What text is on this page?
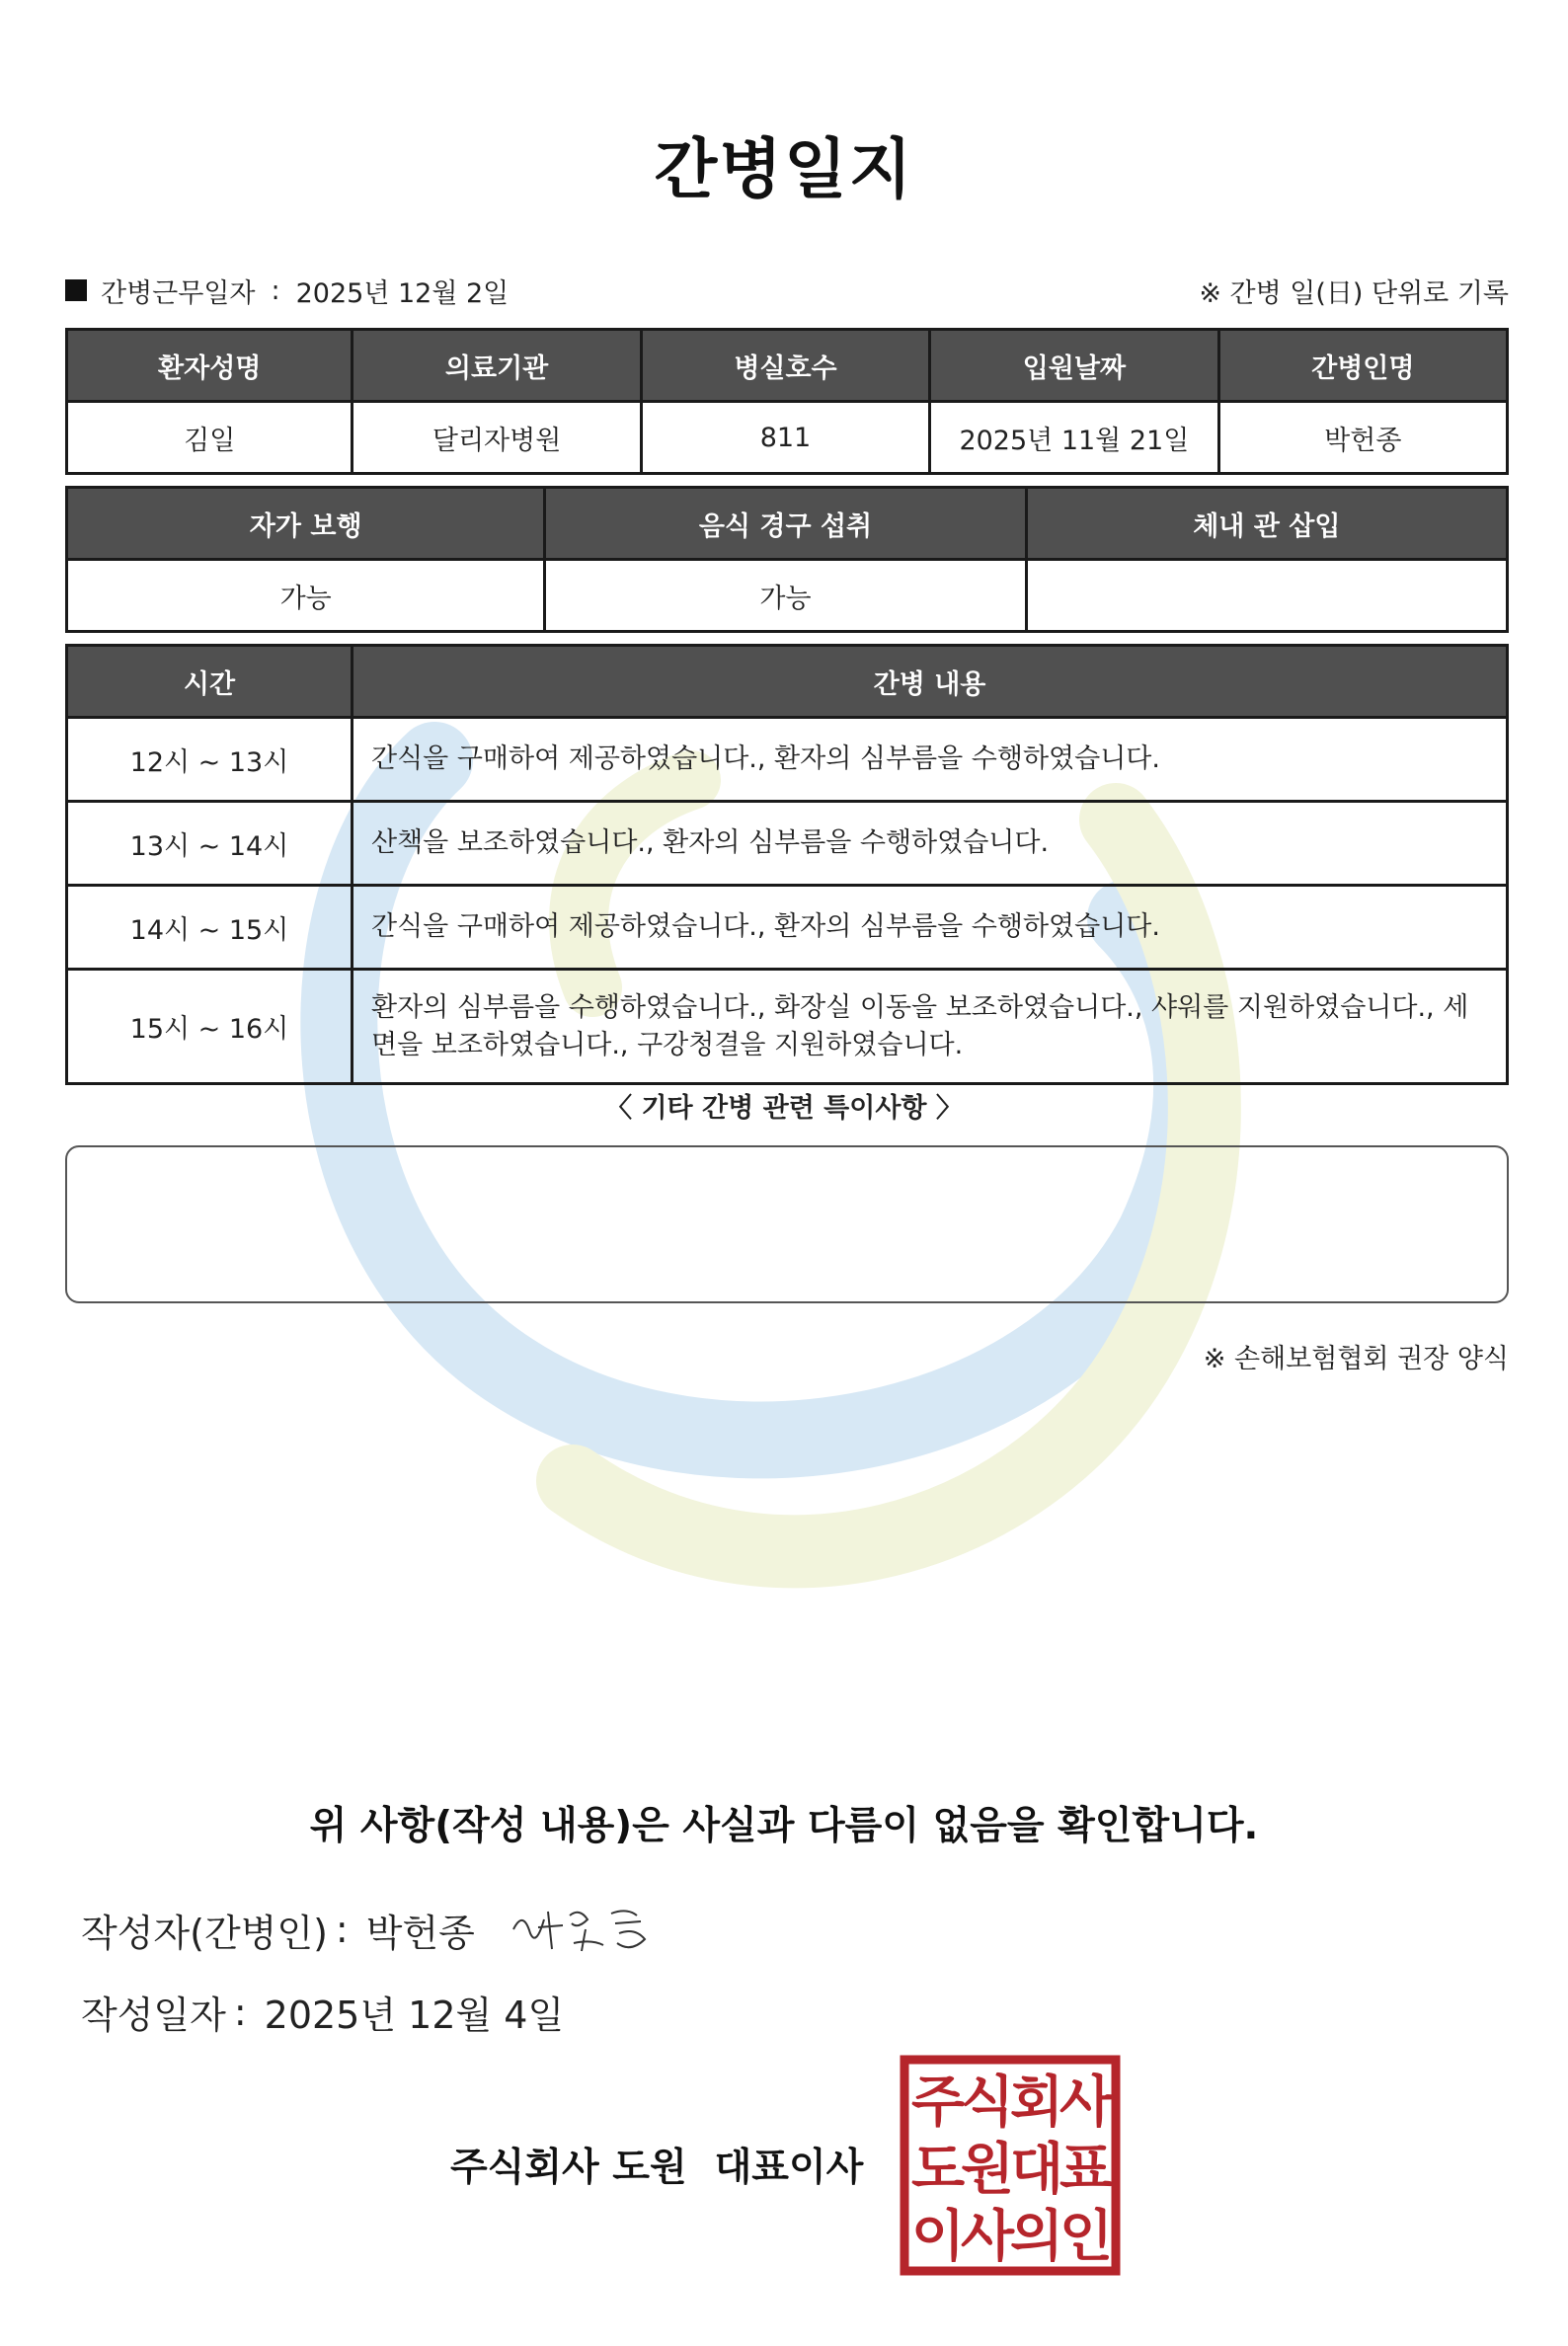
간병일지
간병근무일자 : 2025년 12월 2일	※ 간병 일(日) 단위로 기록
환자성명	의료기관	병실호수	입원날짜	간병인명
김일	달리자병원	811	2025년 11월 21일	박헌종
자가 보행	음식 경구 섭취	체내 관 삽입
가능	가능	
시간	간병 내용
12시 ~ 13시	간식을 구매하여 제공하였습니다., 환자의 심부름을 수행하였습니다.
13시 ~ 14시	산책을 보조하였습니다., 환자의 심부름을 수행하였습니다.
14시 ~ 15시	간식을 구매하여 제공하였습니다., 환자의 심부름을 수행하였습니다.
15시 ~ 16시	환자의 심부름을 수행하였습니다., 화장실 이동을 보조하였습니다., 샤워를 지원하였습니다., 세면을 보조하였습니다., 구강청결을 지원하였습니다.
〈 기타 간병 관련 특이사항 〉
※ 손해보험협회 권장 양식
위 사항(작성 내용)은 사실과 다름이 없음을 확인합니다.
작성자(간병인) : 박헌종
작성일자 : 2025년 12월 4일
주식회사 도원 대표이사
주
식
회
사
도
원
대
표
이
사
의
인
